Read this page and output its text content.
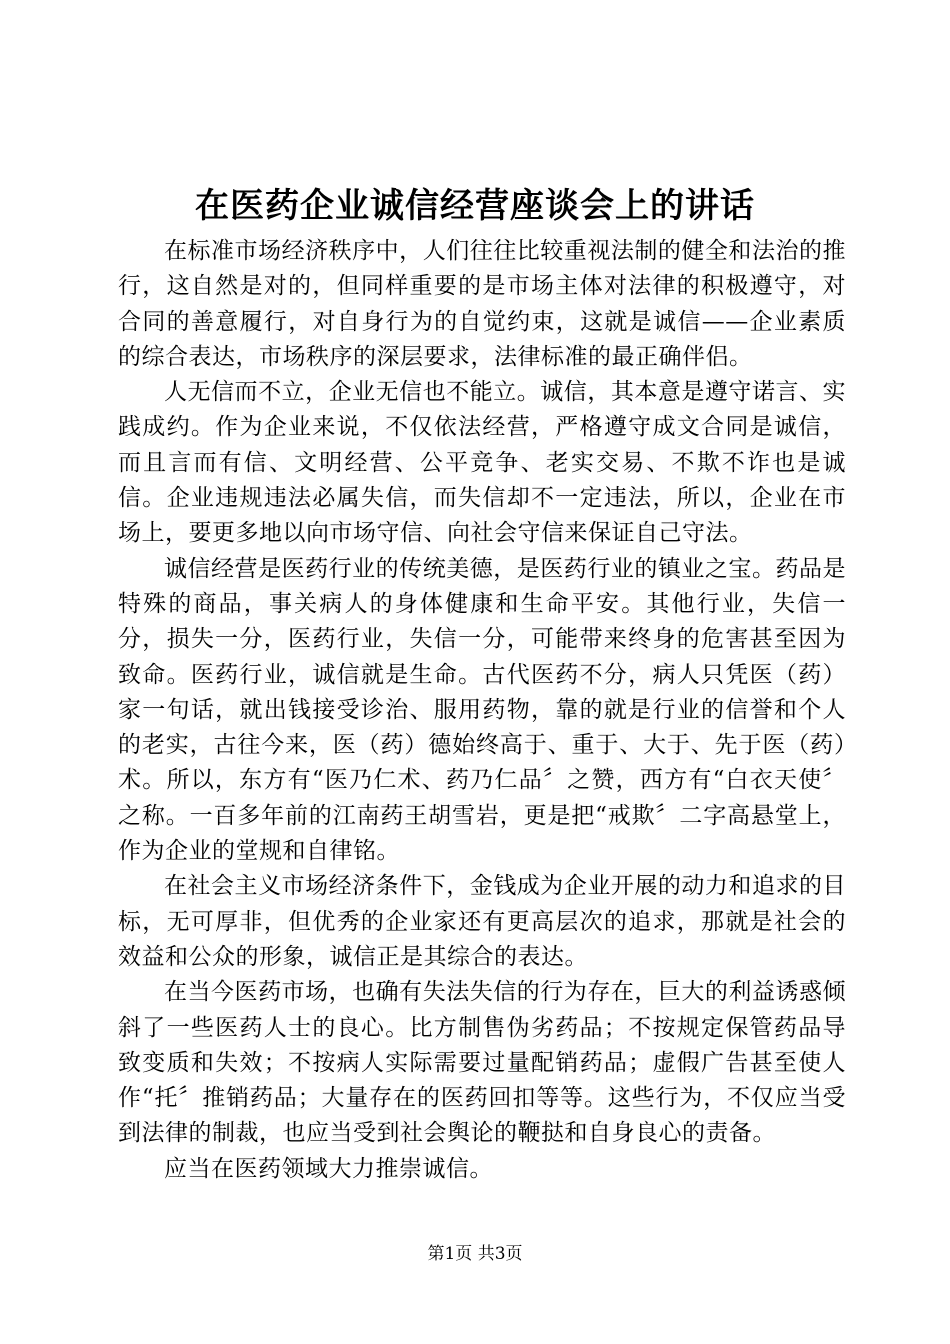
在医药企业诚信经营座谈会上的讲话

在标准市场经济秩序中，人们往往比较重视法制的健全和法治的推行，这自然是对的，但同样重要的是市场主体对法律的积极遵守，对合同的善意履行，对自身行为的自觉约束，这就是诚信——企业素质的综合表达，市场秩序的深层要求，法律标准的最正确伴侣。

人无信而不立，企业无信也不能立。诚信，其本意是遵守诺言、实践成约。作为企业来说，不仅依法经营，严格遵守成文合同是诚信，而且言而有信、文明经营、公平竞争、老实交易、不欺不诈也是诚信。企业违规违法必属失信，而失信却不一定违法，所以，企业在市场上，要更多地以向市场守信、向社会守信来保证自己守法。

诚信经营是医药行业的传统美德，是医药行业的镇业之宝。药品是特殊的商品，事关病人的身体健康和生命平安。其他行业，失信一分，损失一分，医药行业，失信一分，可能带来终身的危害甚至因为致命。医药行业，诚信就是生命。古代医药不分，病人只凭医（药）家一句话，就出钱接受诊治、服用药物，靠的就是行业的信誉和个人的老实，古往今来，医（药）德始终高于、重于、大于、先于医（药）术。所以，东方有“医乃仁术、药乃仁品〞之赞，西方有“白衣天使〞之称。一百多年前的江南药王胡雪岩，更是把“戒欺〞二字高悬堂上，作为企业的堂规和自律铭。

在社会主义市场经济条件下，金钱成为企业开展的动力和追求的目标，无可厚非，但优秀的企业家还有更高层次的追求，那就是社会的效益和公众的形象，诚信正是其综合的表达。

在当今医药市场，也确有失法失信的行为存在，巨大的利益诱惑倾斜了一些医药人士的良心。比方制售伪劣药品；不按规定保管药品导致变质和失效；不按病人实际需要过量配销药品；虚假广告甚至使人作“托〞推销药品；大量存在的医药回扣等等。这些行为，不仅应当受到法律的制裁，也应当受到社会舆论的鞭挞和自身良心的责备。

应当在医药领域大力推崇诚信。

第1页 共3页
